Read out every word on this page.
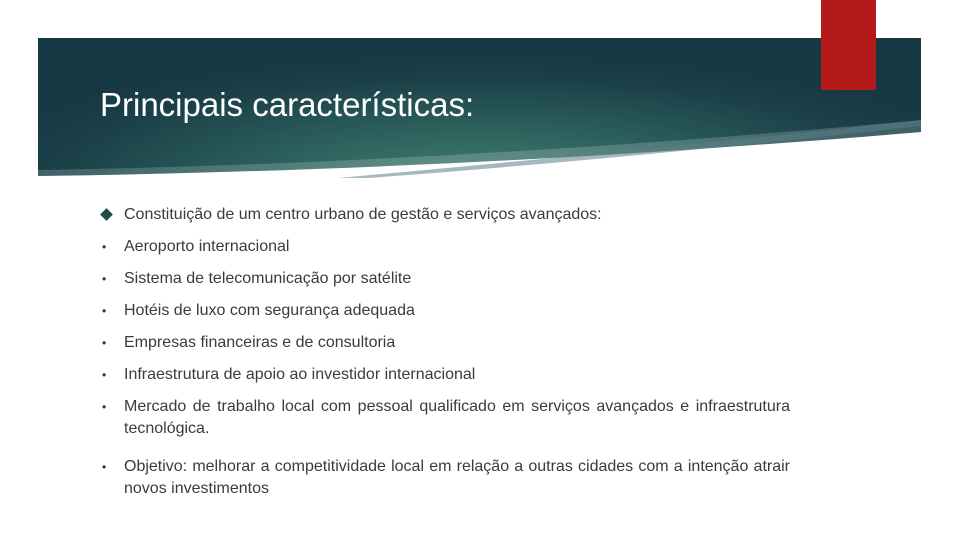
Principais características:
Constituição de um centro urbano de gestão e serviços avançados:
•	Aeroporto internacional
•	Sistema de telecomunicação por satélite
•	Hotéis de luxo com segurança adequada
•	Empresas financeiras e de consultoria
•	Infraestrutura de apoio ao investidor internacional
•	Mercado de trabalho local com pessoal qualificado em serviços avançados e infraestrutura tecnológica.
•	Objetivo: melhorar a competitividade local em relação a outras cidades com a intenção atrair novos investimentos
